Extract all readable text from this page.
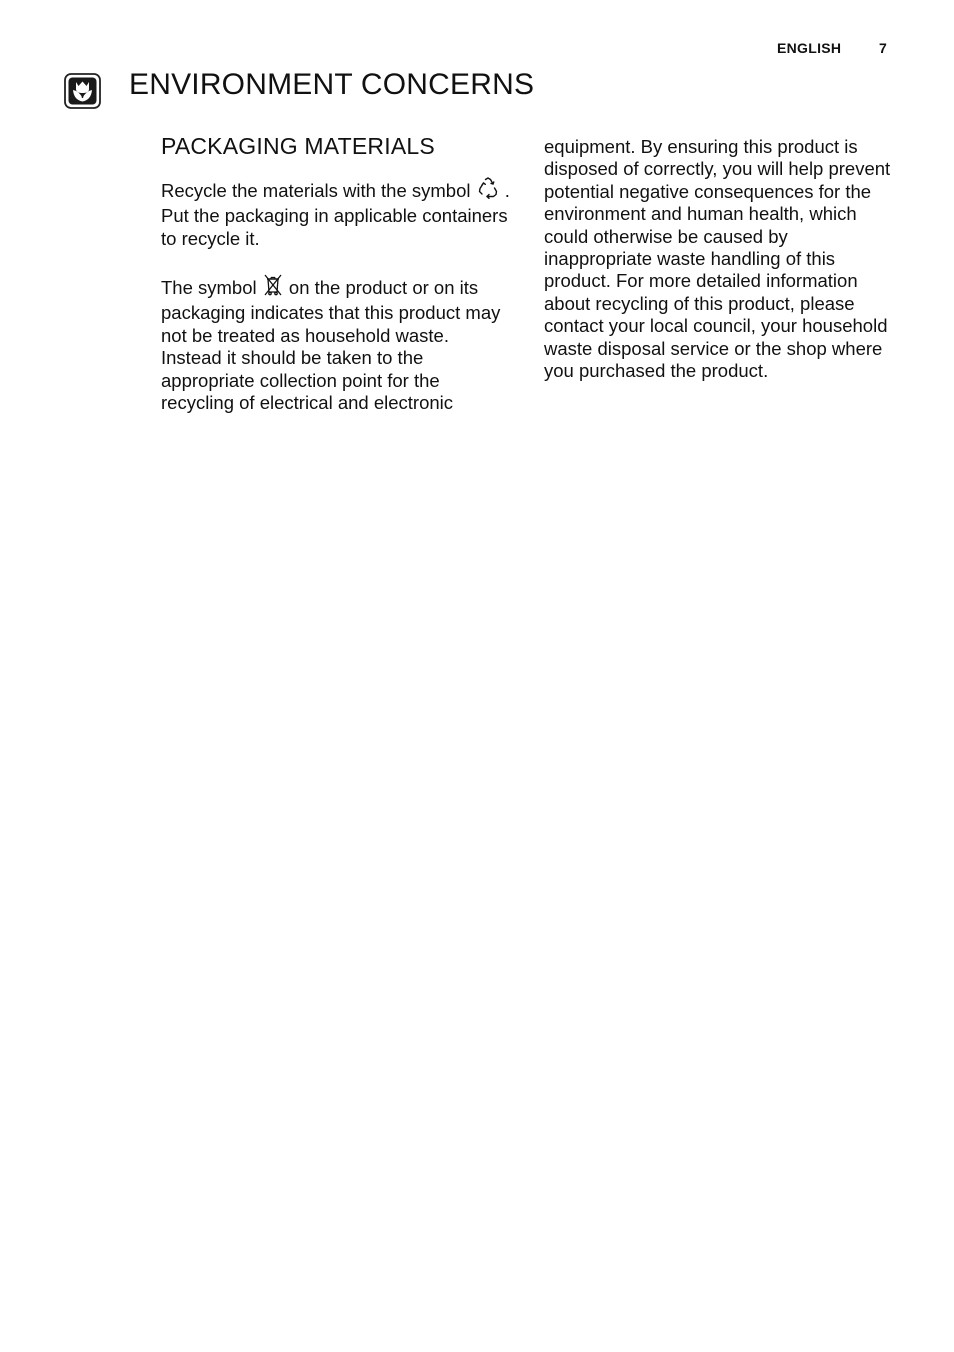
ENGLISH	7
ENVIRONMENT CONCERNS
PACKAGING MATERIALS

Recycle the materials with the symbol  . Put the packaging in applicable containers to recycle it.

The symbol  on the product or on its packaging indicates that this product may not be treated as household waste. Instead it should be taken to the appropriate collection point for the recycling of electrical and electronic

equipment. By ensuring this product is disposed of correctly, you will help prevent potential negative consequences for the environment and human health, which could otherwise be caused by inappropriate waste handling of this product. For more detailed information about recycling of this product, please contact your local council, your household waste disposal service or the shop where you purchased the product.
